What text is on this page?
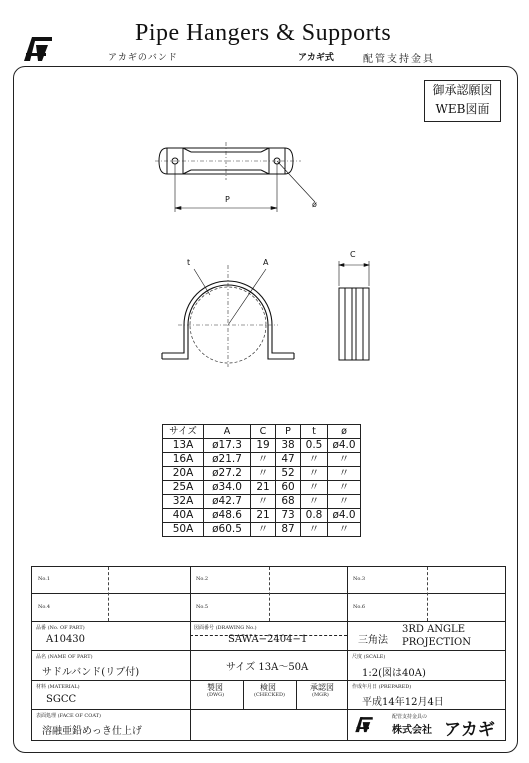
Pipe Hangers & Supports
アカギのバンド	アカギ式	配管支持金具
御承認願図
WEB図面
P
ø
t	A
C
サイズ	A	C	P	t	ø
13A	ø17.3	19	38	0.5	ø4.0
16A	ø21.7	〃	47	〃	〃
20A	ø27.2	〃	52	〃	〃
25A	ø34.0	21	60	〃	〃
32A	ø42.7	〃	68	〃	〃
40A	ø48.6	21	73	0.8	ø4.0
50A	ø60.5	〃	87	〃	〃
No.1	No.2	No.3
No.4	No.5	No.6
品番 (No. OF PART)
A10430
図面番号 (DRAWING No.)
SAWA−2404−1	三角法
3RD ANGLE
PROJECTION
品名 (NAME OF PART)
サドルバンド(リブ付)	サイズ 13A〜50A
尺度 (SCALE)
1:2(図は40A)
材料 (MATERIAL)
SGCC
製図
(DWG)
検図
(CHECKED)
承認図
(MGR)
作成年月日 (PREPARED)
平成14年12月4日
表面処理 (FACE OF COAT)
溶融亜鉛めっき仕上げ
配管支持金具の
株式会社 アカギ
